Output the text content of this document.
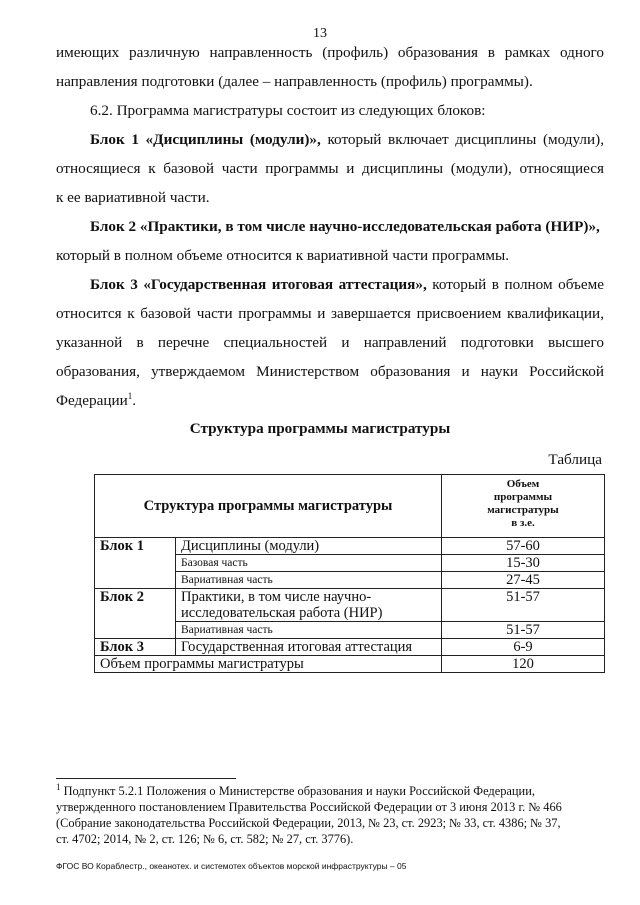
13
имеющих различную направленность (профиль) образования в рамках одного
направления подготовки (далее – направленность (профиль) программы).
6.2. Программа магистратуры состоит из следующих блоков:
Блок 1 «Дисциплины (модули)», который включает дисциплины (модули),
относящиеся к базовой части программы и дисциплины (модули), относящиеся
к ее вариативной части.
Блок 2 «Практики, в том числе научно-исследовательская работа (НИР)»,
который в полном объеме относится к вариативной части программы.
Блок 3 «Государственная итоговая аттестация», который в полном объеме
относится к базовой части программы и завершается присвоением квалификации,
указанной в перечне специальностей и направлений подготовки высшего
образования, утверждаемом Министерством образования и науки Российской
Федерации$^1$.
Структура программы магистратуры
Таблица
Структура программы магистратуры		Объем
программы
магистратуры
в з.е.

Блок 1	Дисциплины (модули)	57-60
	Базовая часть	15-30
	Вариативная часть	27-45
Блок 2	Практики, в том числе научно-
исследовательская работа (НИР)	51-57
	Вариативная часть	51-57
Блок 3	Государственная итоговая аттестация	6-9
Объем программы магистратуры		120
$^1$ Подпункт 5.2.1 Положения о Министерстве образования и науки Российской Федерации,
утвержденного постановлением Правительства Российской Федерации от 3 июня 2013 г. № 466
(Собрание законодательства Российской Федерации, 2013, № 23, ст. 2923; № 33, ст. 4386; № 37,
ст. 4702; 2014, № 2, ст. 126; № 6, ст. 582; № 27, ст. 3776).
ФГОС ВО Кораблестр., океанотех. и системотех объектов морской инфраструктуры – 05
